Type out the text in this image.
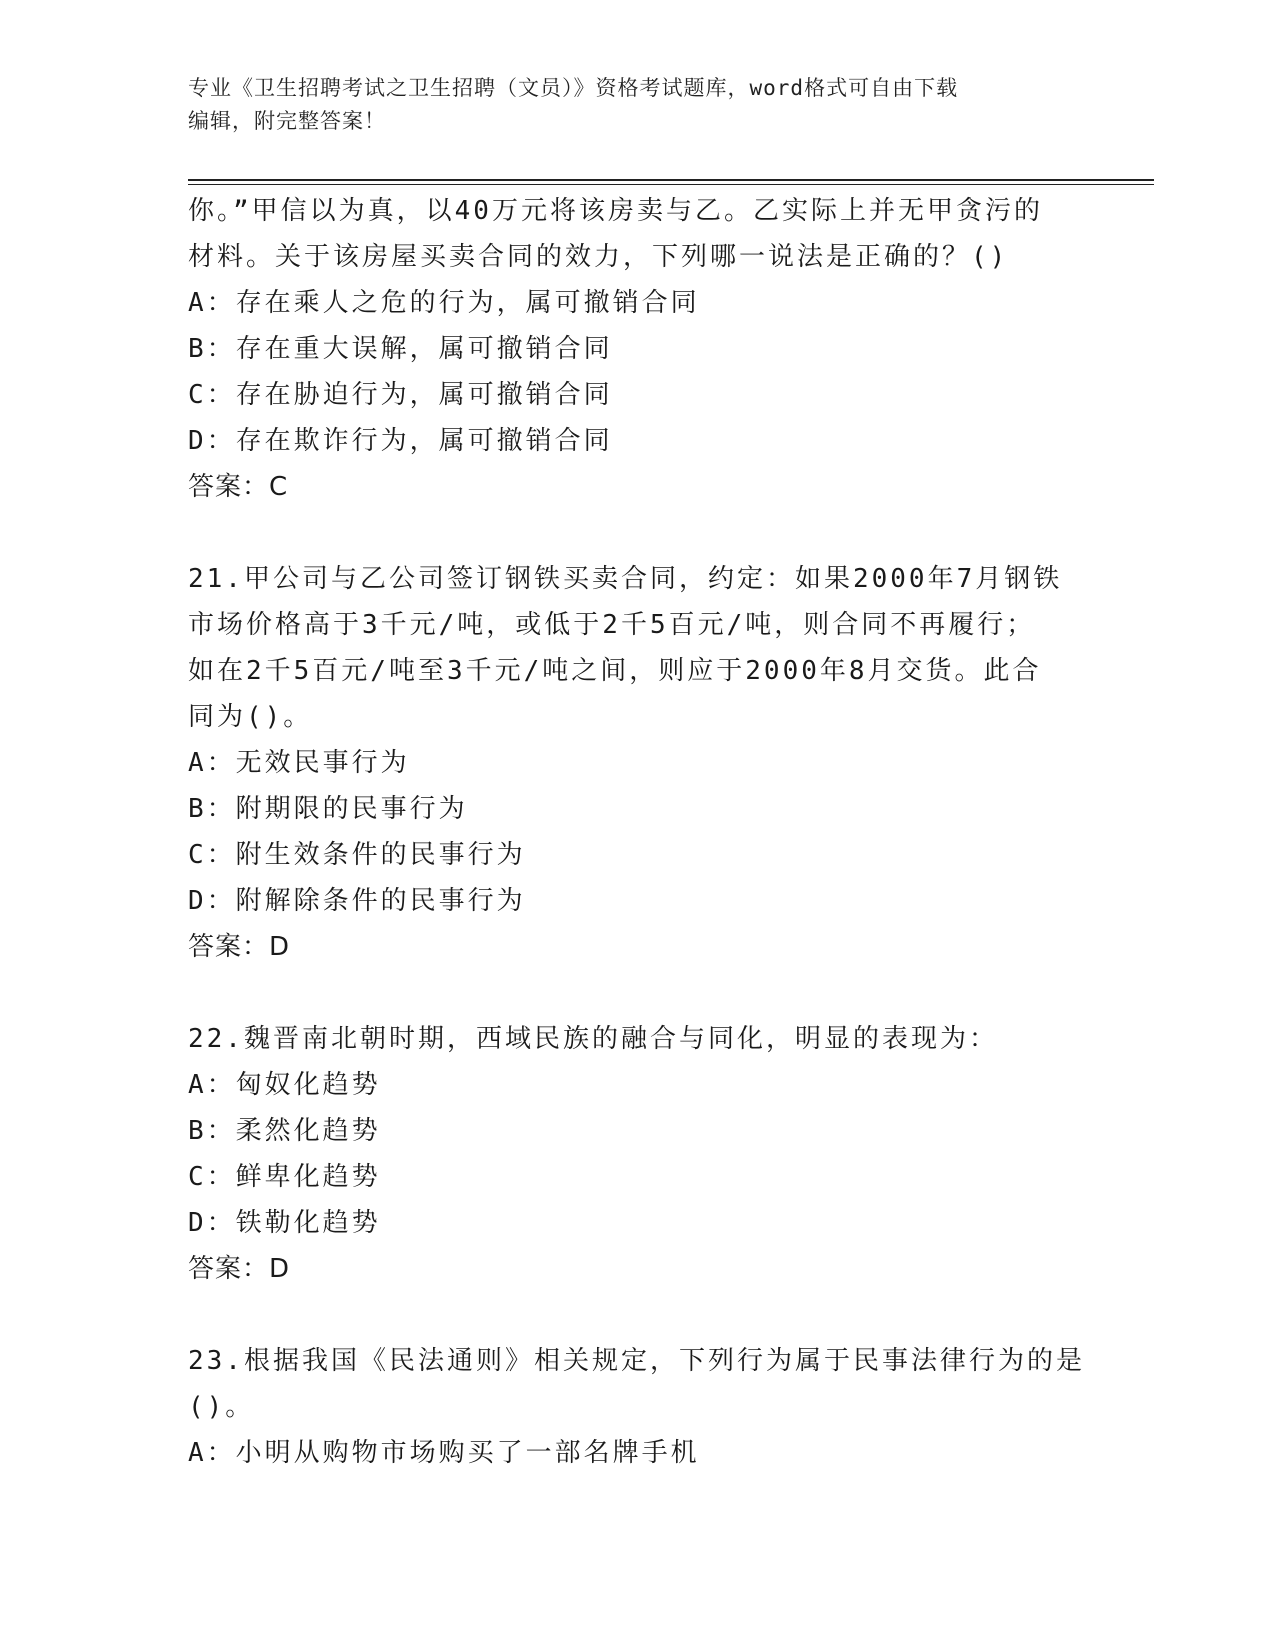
专业《卫生招聘考试之卫生招聘（文员）》资格考试题库，word格式可自由下载
编辑，附完整答案！
你。”甲信以为真，以40万元将该房卖与乙。乙实际上并无甲贪污的
材料。关于该房屋买卖合同的效力，下列哪一说法是正确的？()
A：存在乘人之危的行为，属可撤销合同
B：存在重大误解，属可撤销合同
C：存在胁迫行为，属可撤销合同
D：存在欺诈行为，属可撤销合同
答案：C
21.甲公司与乙公司签订钢铁买卖合同，约定：如果2000年7月钢铁
市场价格高于3千元/吨，或低于2千5百元/吨，则合同不再履行；
如在2千5百元/吨至3千元/吨之间，则应于2000年8月交货。此合
同为()。
A：无效民事行为
B：附期限的民事行为
C：附生效条件的民事行为
D：附解除条件的民事行为
答案：D
22.魏晋南北朝时期，西域民族的融合与同化，明显的表现为：
A：匈奴化趋势
B：柔然化趋势
C：鲜卑化趋势
D：铁勒化趋势
答案：D
23.根据我国《民法通则》相关规定，下列行为属于民事法律行为的是
()。
A：小明从购物市场购买了一部名牌手机
